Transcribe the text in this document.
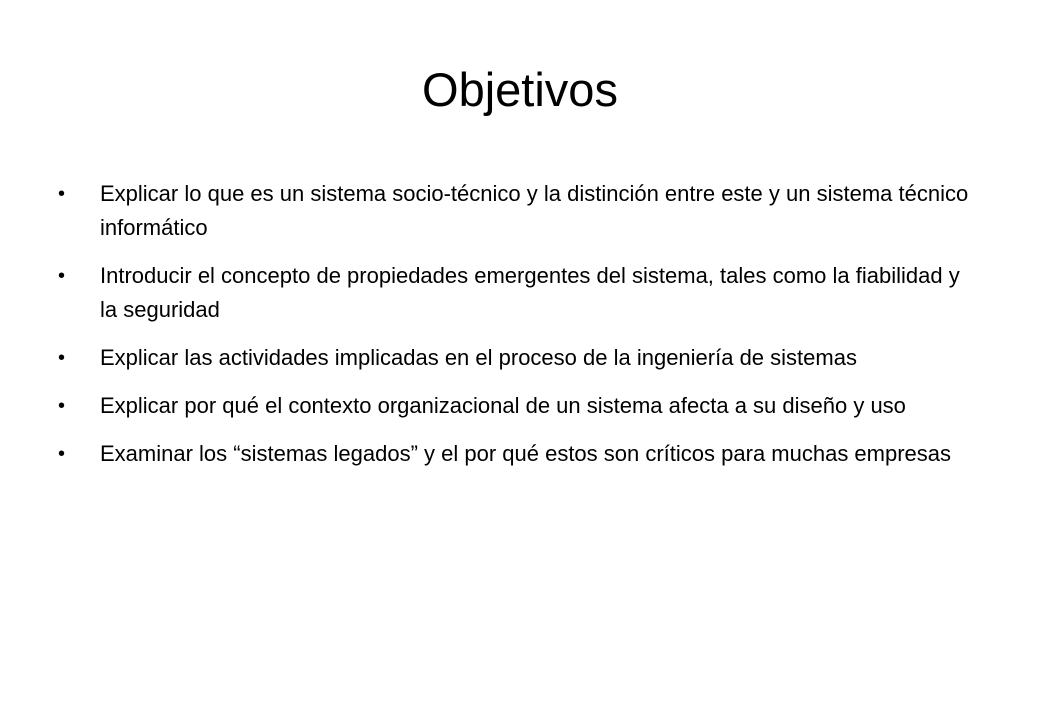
Objetivos
•	Explicar lo que es un sistema socio-técnico y la distinción entre este y un sistema técnico informático
•	Introducir el concepto de propiedades emergentes del sistema, tales como la fiabilidad y la seguridad
•	Explicar las actividades implicadas en el proceso de la ingeniería de sistemas
•	Explicar por qué el contexto organizacional de un sistema afecta a su diseño y uso
•	Examinar los “sistemas legados” y el por qué estos son críticos para muchas empresas
